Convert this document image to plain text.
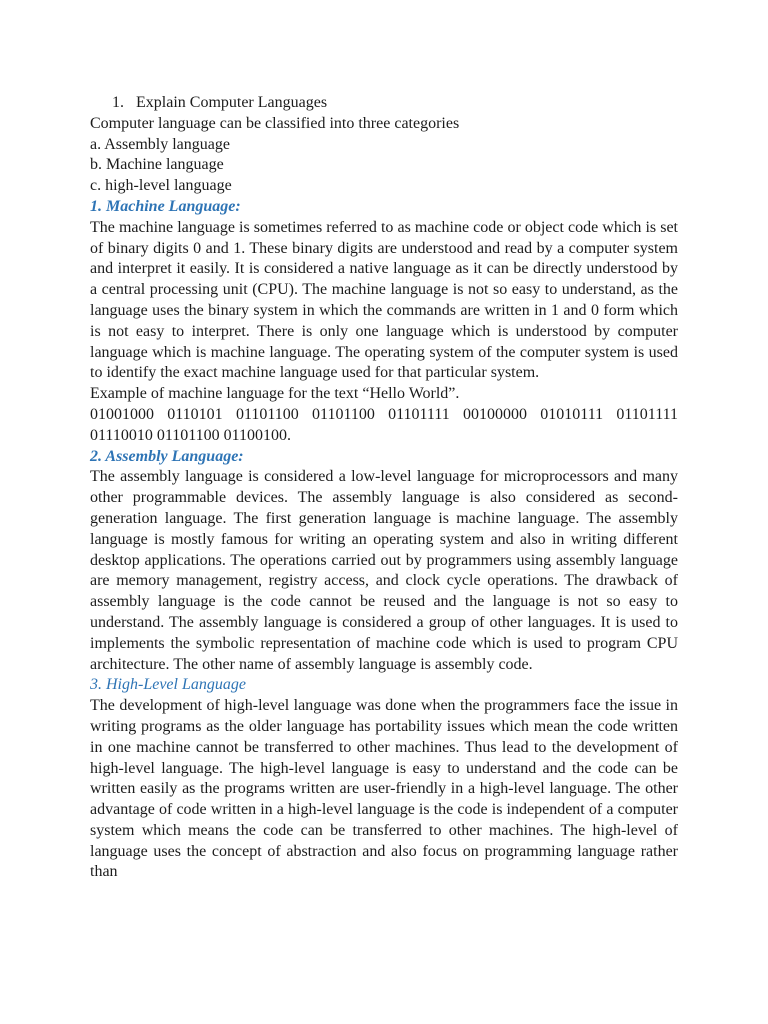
1. Explain Computer Languages
Computer language can be classified into three categories
a. Assembly language
b. Machine language
c. high-level language
1. Machine Language:

The machine language is sometimes referred to as machine code or object code which is set of binary digits 0 and 1. These binary digits are understood and read by a computer system and interpret it easily. It is considered a native language as it can be directly understood by a central processing unit (CPU). The machine language is not so easy to understand, as the language uses the binary system in which the commands are written in 1 and 0 form which is not easy to interpret. There is only one language which is understood by computer language which is machine language. The operating system of the computer system is used to identify the exact machine language used for that particular system.

Example of machine language for the text “Hello World”.

01001000 0110101 01101100 01101100 01101111 00100000 01010111 01101111 01110010 01101100 01100100.

2. Assembly Language:

The assembly language is considered a low-level language for microprocessors and many other programmable devices. The assembly language is also considered as second-generation language. The first generation language is machine language. The assembly language is mostly famous for writing an operating system and also in writing different desktop applications. The operations carried out by programmers using assembly language are memory management, registry access, and clock cycle operations. The drawback of assembly language is the code cannot be reused and the language is not so easy to understand. The assembly language is considered a group of other languages. It is used to implements the symbolic representation of machine code which is used to program CPU architecture. The other name of assembly language is assembly code.

3. High-Level Language

The development of high-level language was done when the programmers face the issue in writing programs as the older language has portability issues which mean the code written in one machine cannot be transferred to other machines. Thus lead to the development of high-level language. The high-level language is easy to understand and the code can be written easily as the programs written are user-friendly in a high-level language. The other advantage of code written in a high-level language is the code is independent of a computer system which means the code can be transferred to other machines. The high-level of language uses the concept of abstraction and also focus on programming language rather than
